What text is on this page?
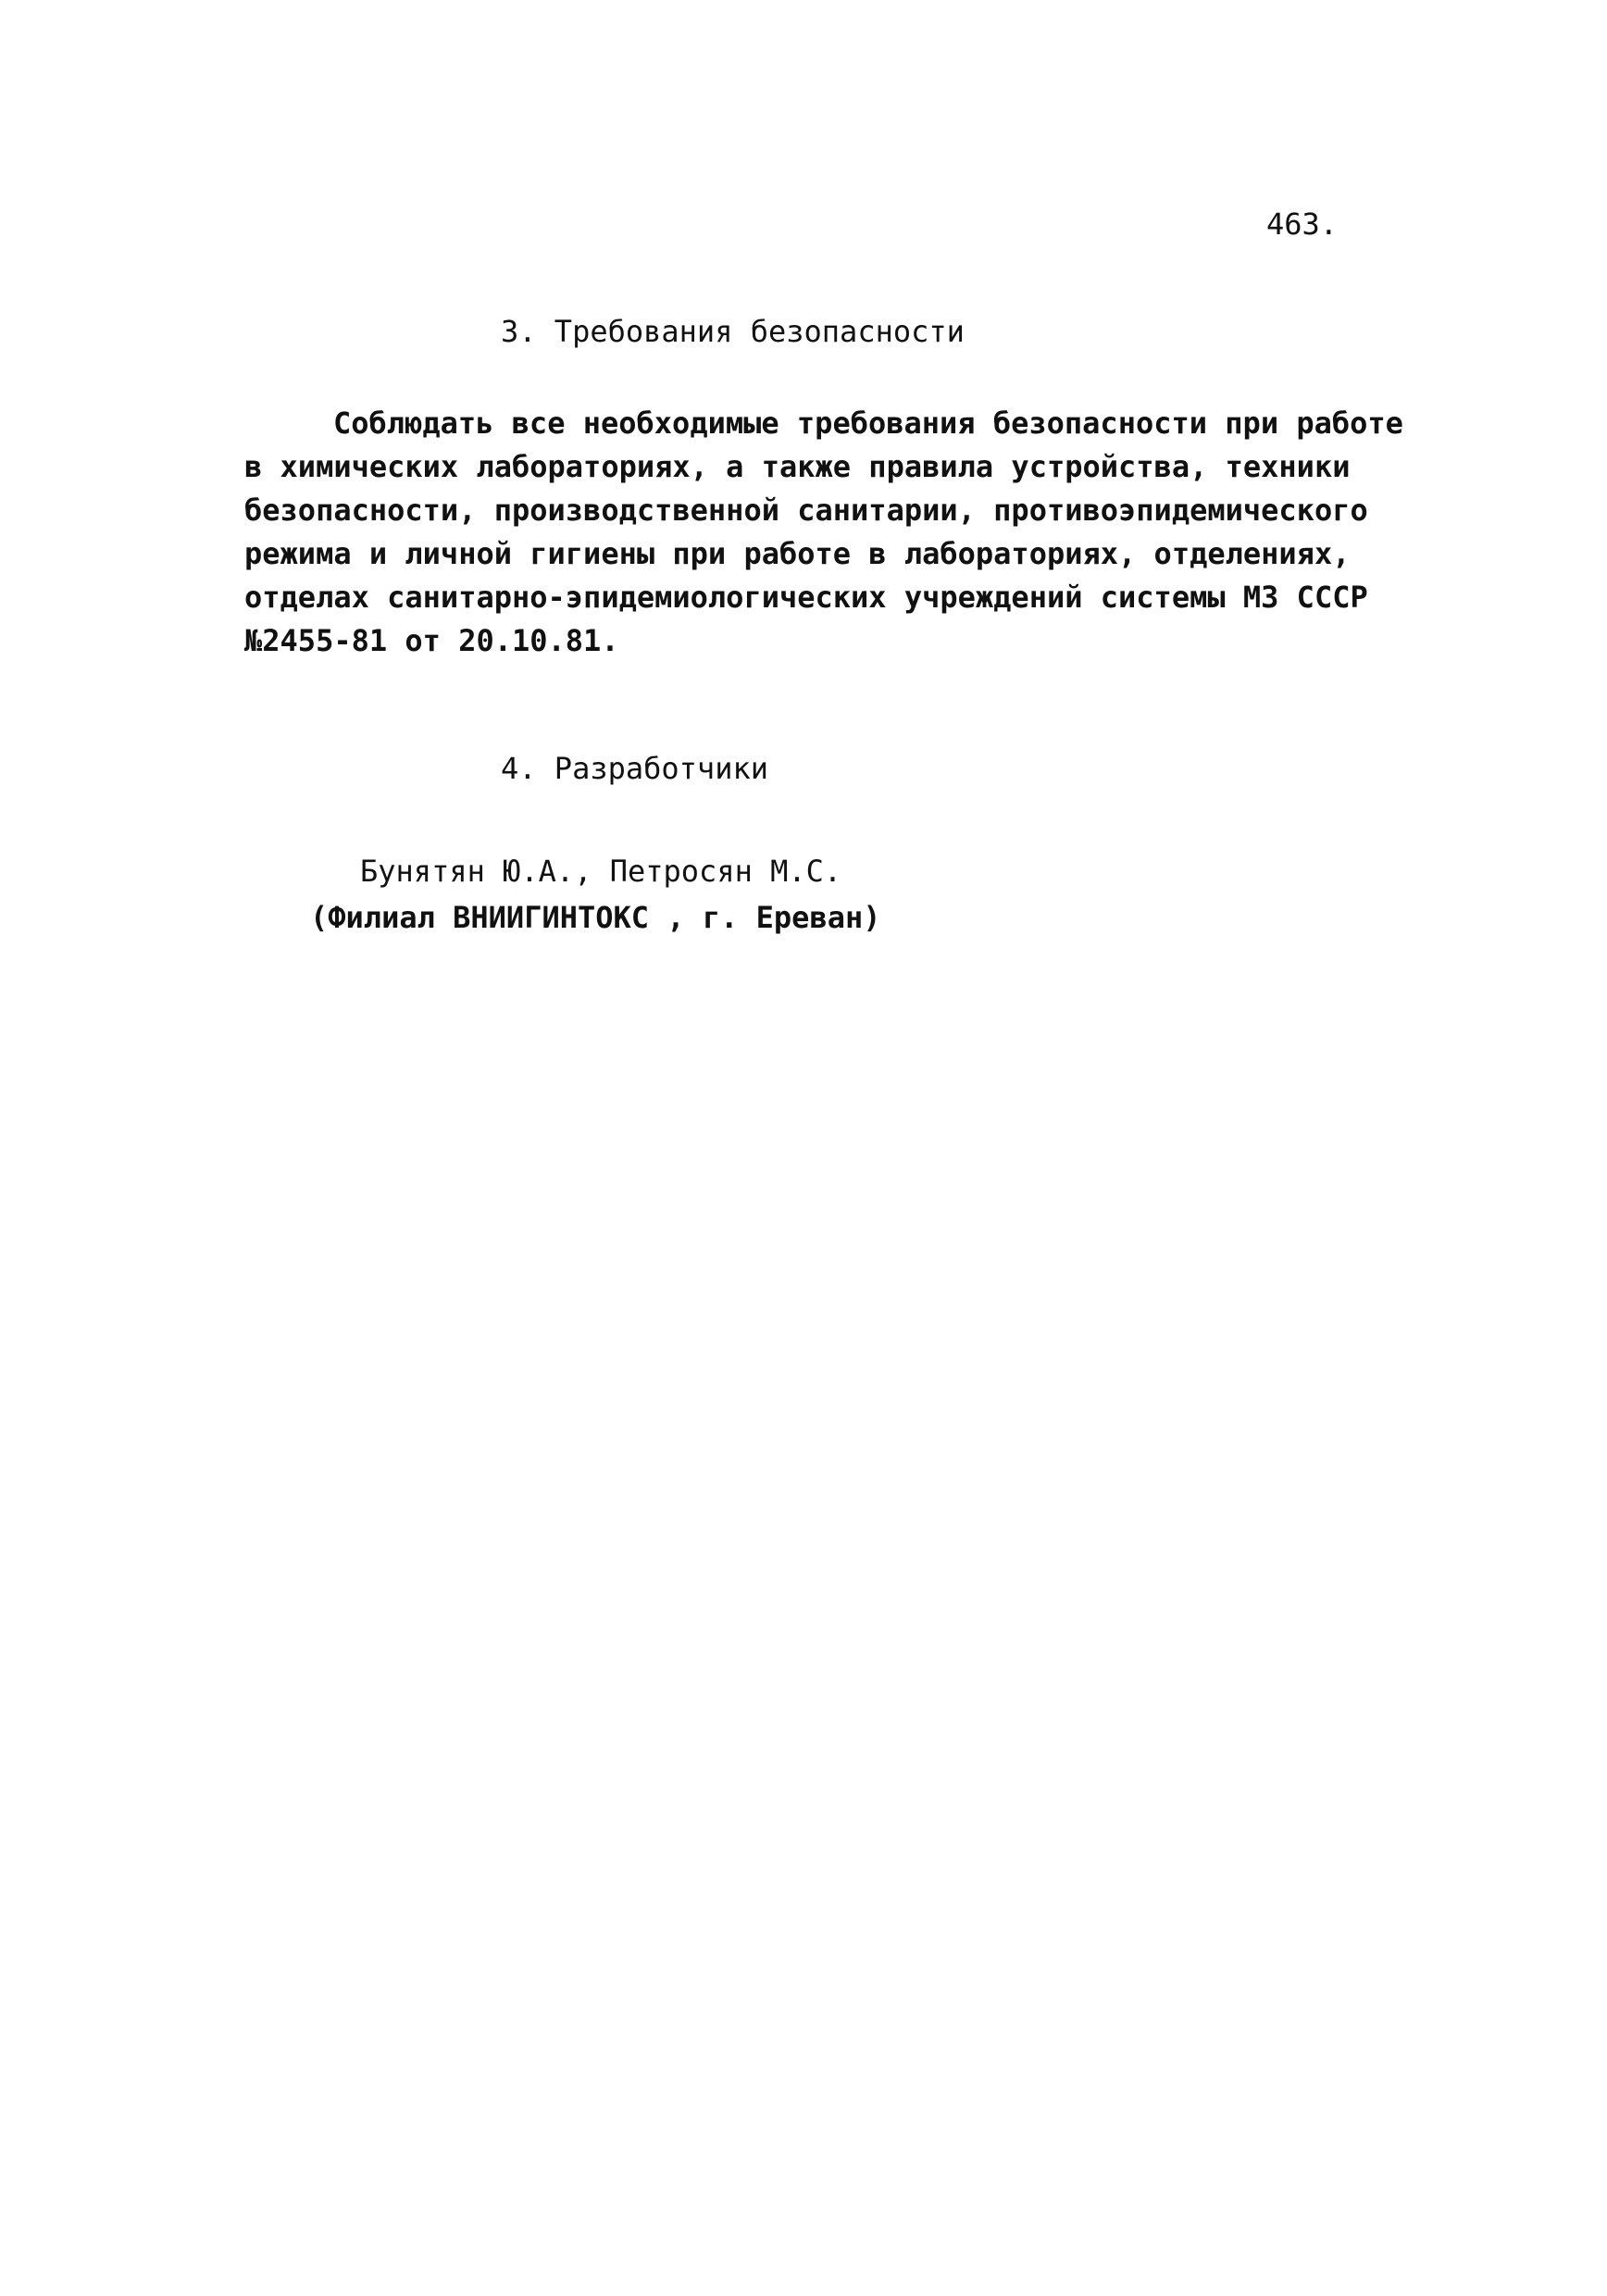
463.
3. Требования безопасности
Соблюдать все необходимые требования безопасности при работе
в химических лабораториях, а также правила устройства, техники
безопасности, производственной санитарии, противоэпидемического
режима и личной гигиены при работе в лабораториях, отделениях,
отделах санитарно-эпидемиологических учреждений системы МЗ СССР
№2455-81 от 20.10.81.
4. Разработчики
Бунятян Ю.А., Петросян М.С.
(Филиал ВНИИГИНТОКС , г. Ереван)
